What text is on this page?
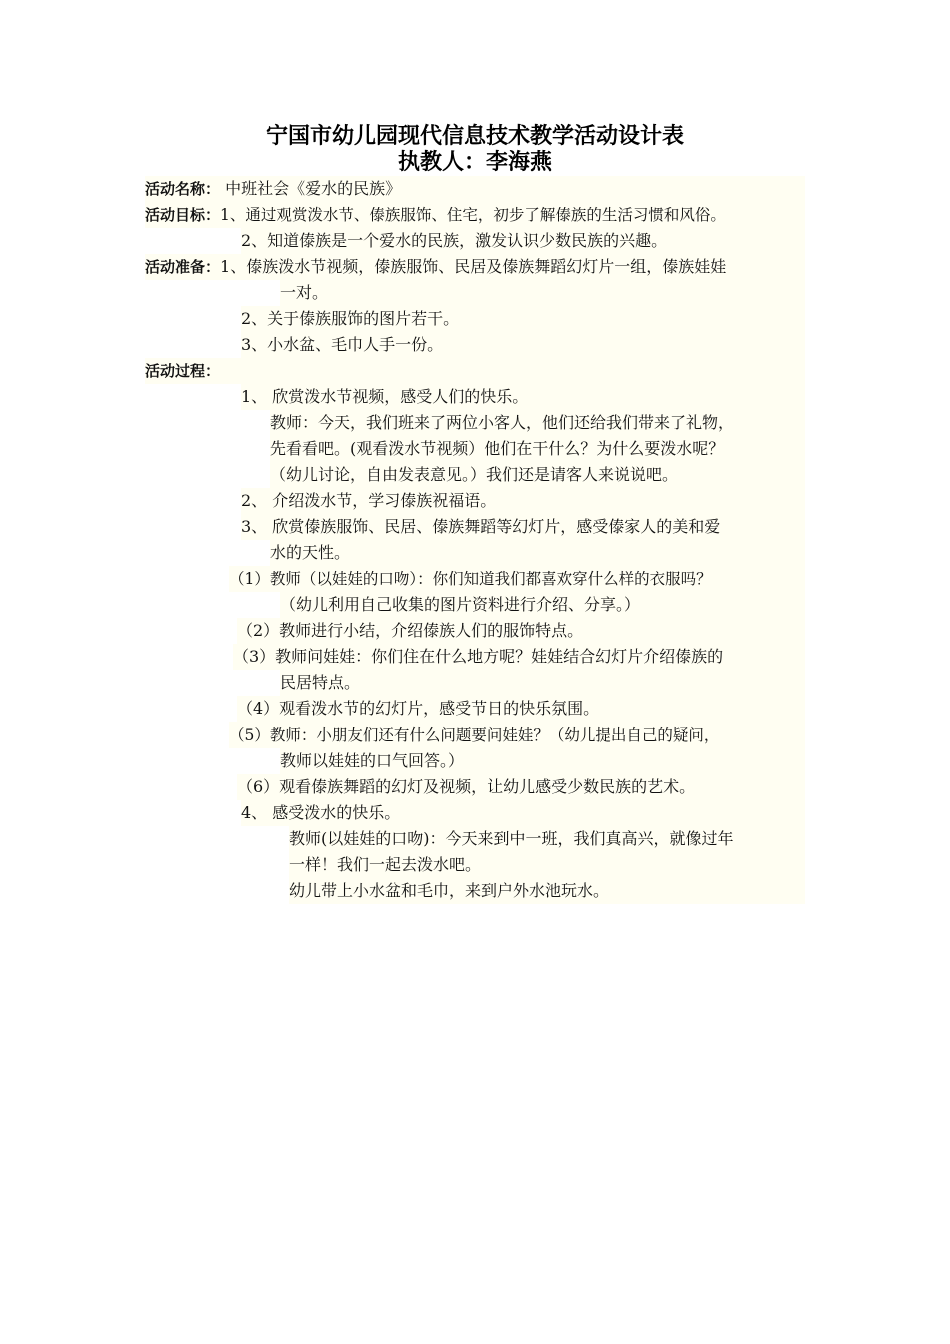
宁国市幼儿园现代信息技术教学活动设计表
执教人：李海燕
活动名称： 中班社会《爱水的民族》
活动目标：1、通过观赏泼水节、傣族服饰、住宅，初步了解傣族的生活习惯和风俗。
2、知道傣族是一个爱水的民族，激发认识少数民族的兴趣。
活动准备：1、傣族泼水节视频，傣族服饰、民居及傣族舞蹈幻灯片一组，傣族娃娃
一对。
2、关于傣族服饰的图片若干。
3、小水盆、毛巾人手一份。
活动过程：
1、 欣赏泼水节视频，感受人们的快乐。
教师：今天，我们班来了两位小客人，他们还给我们带来了礼物，
先看看吧。(观看泼水节视频）他们在干什么？为什么要泼水呢？
（幼儿讨论，自由发表意见。）我们还是请客人来说说吧。
2、 介绍泼水节，学习傣族祝福语。
3、 欣赏傣族服饰、民居、傣族舞蹈等幻灯片，感受傣家人的美和爱
水的天性。
（1）教师（以娃娃的口吻）：你们知道我们都喜欢穿什么样的衣服吗？
（幼儿利用自己收集的图片资料进行介绍、分享。）
（2）教师进行小结，介绍傣族人们的服饰特点。
（3）教师问娃娃：你们住在什么地方呢？娃娃结合幻灯片介绍傣族的
民居特点。
（4）观看泼水节的幻灯片，感受节日的快乐氛围。
（5）教师：小朋友们还有什么问题要问娃娃？（幼儿提出自己的疑问，
教师以娃娃的口气回答。）
（6）观看傣族舞蹈的幻灯及视频，让幼儿感受少数民族的艺术。
4、 感受泼水的快乐。
教师(以娃娃的口吻)：今天来到中一班，我们真高兴，就像过年
一样！我们一起去泼水吧。
幼儿带上小水盆和毛巾，来到户外水池玩水。
